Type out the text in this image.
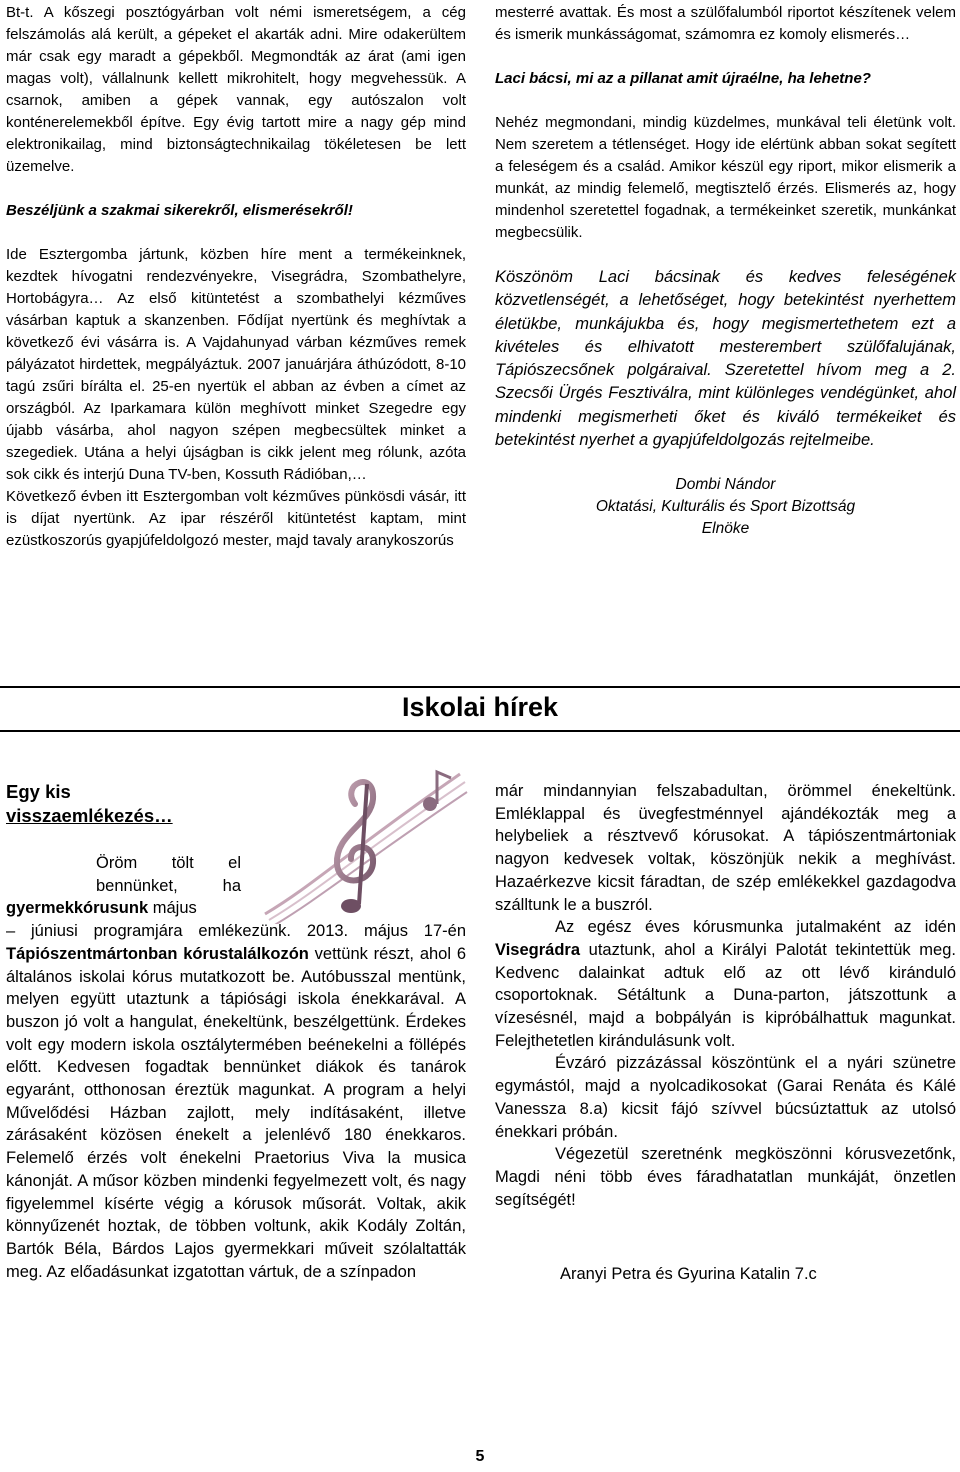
Bt-t. A kőszegi posztógyárban volt némi ismeretségem, a cég felszámolás alá került, a gépeket el akarták adni. Mire odakerültem már csak egy maradt a gépekből. Megmondták az árat (ami igen magas volt), vállalnunk kellett mikrohitelt, hogy megvehessük. A csarnok, amiben a gépek vannak, egy autószalon volt konténerelemekből építve. Egy évig tartott mire a nagy gép mind elektronikailag, mind biztonságtechnikailag tökéletesen be lett üzemelve.

Beszéljünk a szakmai sikerekről, elismerésekről!

Ide Esztergomba jártunk, közben híre ment a termékeinknek, kezdtek hívogatni rendezvényekre, Visegrádra, Szombathelyre, Hortobágyra… Az első kitüntetést a szombathelyi kézműves vásárban kaptuk a skanzenben. Fődíjat nyertünk és meghívtak a következő évi vásárra is. A Vajdahunyad várban kézműves remek pályázatot hirdettek, megpályáztuk. 2007 januárjára áthúzódott, 8-10 tagú zsűri bírálta el. 25-en nyertük el abban az évben a címet az országból. Az Iparkamara külön meghívott minket Szegedre egy újabb vásárba, ahol nagyon szépen megbecsültek minket a szegediek. Utána a helyi újságban is cikk jelent meg rólunk, azóta sok cikk és interjú Duna TV-ben, Kossuth Rádióban,…

Következő évben itt Esztergomban volt kézműves pünkösdi vásár, itt is díjat nyertünk. Az ipar részéről kitüntetést kaptam, mint ezüstkoszorús gyapjúfeldolgozó mester, majd tavaly aranykoszorús

mesterré avattak. És most a szülőfalumból riportot készítenek velem és ismerik munkásságomat, számomra ez komoly elismerés…

Laci bácsi, mi az a pillanat amit újraélne, ha lehetne?

Nehéz megmondani, mindig küzdelmes, munkával teli életünk volt. Nem szeretem a tétlenséget. Hogy ide elértünk abban sokat segített a feleségem és a család. Amikor készül egy riport, mikor elismerik a munkát, az mindig felemelő, megtisztelő érzés. Elismerés az, hogy mindenhol szeretettel fogadnak, a termékeinket szeretik, munkánkat megbecsülik.

Köszönöm Laci bácsinak és kedves feleségének közvetlenségét, a lehetőséget, hogy betekintést nyerhettem életükbe, munkájukba és, hogy megismertethetem ezt a kivételes és elhivatott mesterembert szülőfalujának, Tápiószecsőnek polgáraival. Szeretettel hívom meg a 2. Szecsői Ürgés Fesztiválra, mint különleges vendégünket, ahol mindenki megismerheti őket és kiváló termékeiket és betekintést nyerhet a gyapjúfeldolgozás rejtelmeibe.

Dombi Nándor

Oktatási, Kulturális és Sport Bizottság

Elnöke

Iskolai hírek

Egy kis
visszaemlékezés…

Öröm tölt el bennünket, ha

gyermekkórusunk május

– júniusi programjára emlékezünk. 2013. május 17-én Tápiószentmártonban kórustalálkozón vettünk részt, ahol 6 általános iskolai kórus mutatkozott be. Autóbusszal mentünk, melyen együtt utaztunk a tápiósági iskola énekkarával. A buszon jó volt a hangulat, énekeltünk, beszélgettünk. Érdekes volt egy modern iskola osztálytermében beénekelni a föllépés előtt. Kedvesen fogadtak bennünket diákok és tanárok egyaránt, otthonosan éreztük magunkat. A program a helyi Művelődési Házban zajlott, mely indításaként, illetve zárásaként közösen énekelt a jelenlévő 180 énekkaros. Felemelő érzés volt énekelni Praetorius Viva la musica kánonját. A műsor közben mindenki fegyelmezett volt, és nagy figyelemmel kísérte végig a kórusok műsorát. Voltak, akik könnyűzenét hoztak, de többen voltunk, akik Kodály Zoltán, Bartók Béla, Bárdos Lajos gyermekkari műveit szólaltatták meg. Az előadásunkat izgatottan vártuk, de a színpadon

már mindannyian felszabadultan, örömmel énekeltünk. Emléklappal és üvegfestménnyel ajándékozták meg a helybeliek a résztvevő kórusokat. A tápiószentmártoniak nagyon kedvesek voltak, köszönjük nekik a meghívást. Hazaérkezve kicsit fáradtan, de szép emlékekkel gazdagodva szálltunk le a buszról.

Az egész éves kórusmunka jutalmaként az idén Visegrádra utaztunk, ahol a Királyi Palotát tekintettük meg. Kedvenc dalainkat adtuk elő az ott lévő kiránduló csoportoknak. Sétáltunk a Duna-parton, játszottunk a vízesésnél, majd a bobpályán is kipróbálhattuk magunkat. Felejthetetlen kirándulásunk volt.

Évzáró pizzázással köszöntünk el a nyári szünetre egymástól, majd a nyolcadikosokat (Garai Renáta és Kálé Vanessza 8.a) kicsit fájó szívvel búcsúztattuk az utolsó énekkari próbán.

Végezetül szeretnénk megköszönni kórusvezetőnk, Magdi néni több éves fáradhatatlan munkáját, önzetlen segítségét!

Aranyi Petra és Gyurina Katalin 7.c
5
